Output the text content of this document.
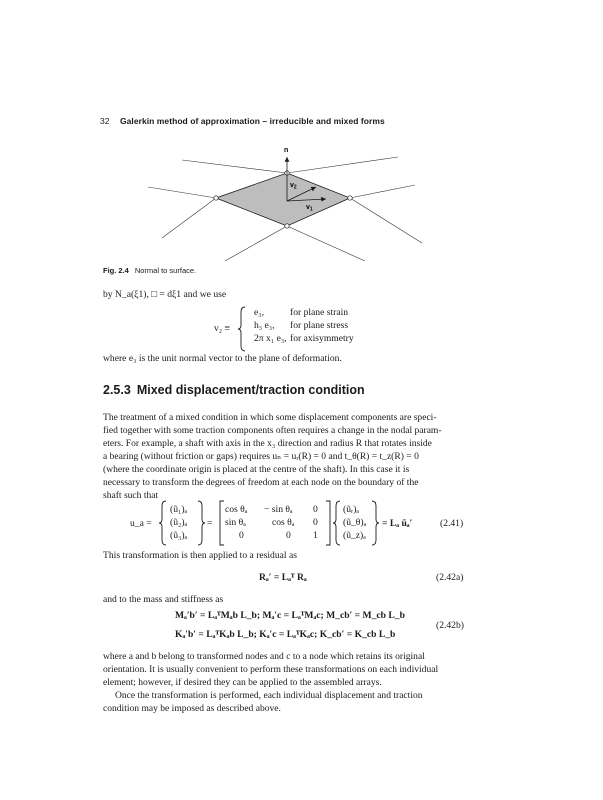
32 Galerkin method of approximation – irreducible and mixed forms
n
$v_2$
$v_1$
Fig. 2.4 Normal to surface.
by N_a(ξ1), □ = dξ1 and we use
v₂ ≡
e₃,	for plane strain
h₃ e₃, for plane stress
2π x₁ e₃, for axisymmetry
where e₃ is the unit normal vector to the plane of deformation.
2.5.3 Mixed displacement/traction condition
The treatment of a mixed condition in which some displacement components are speci-
fied together with some traction components often requires a change in the nodal param-
eters. For example, a shaft with axis in the x₃ direction and radius R that rotates inside
a bearing (without friction or gaps) requires uₙ = uᵣ(R) = 0 and t_θ(R) = t_z(R) = 0
(where the coordinate origin is placed at the centre of the shaft). In this case it is
necessary to transform the degrees of freedom at each node on the boundary of the
shaft such that
u_a =
(ũ₁)ₐ
(ũ₂)ₐ
(ũ₃)ₐ
=
cos θₐ − sin θₐ 0
sin θₐ	cos θₐ 0
0	0 1
(ũᵣ)ₐ
(ũ_θ)ₐ
(ũ_z)ₐ
= Lₐ ũₐ′	(2.41)
This transformation is then applied to a residual as
Rₐ′ = Lₐᵀ Rₐ	(2.42a)
and to the mass and stiffness as
Mₐ′b′ = LₐᵀMₐb L_b; Mₐ′c = LₐᵀMₐc; M_cb′ = M_cb L_b
Kₐ′b′ = LₐᵀKₐb L_b; Kₐ′c = LₐᵀKₐc; K_cb′ = K_cb L_b
(2.42b)
where a and b belong to transformed nodes and c to a node which retains its original
orientation. It is usually convenient to perform these transformations on each individual
element; however, if desired they can be applied to the assembled arrays.
Once the transformation is performed, each individual displacement and traction
condition may be imposed as described above.
